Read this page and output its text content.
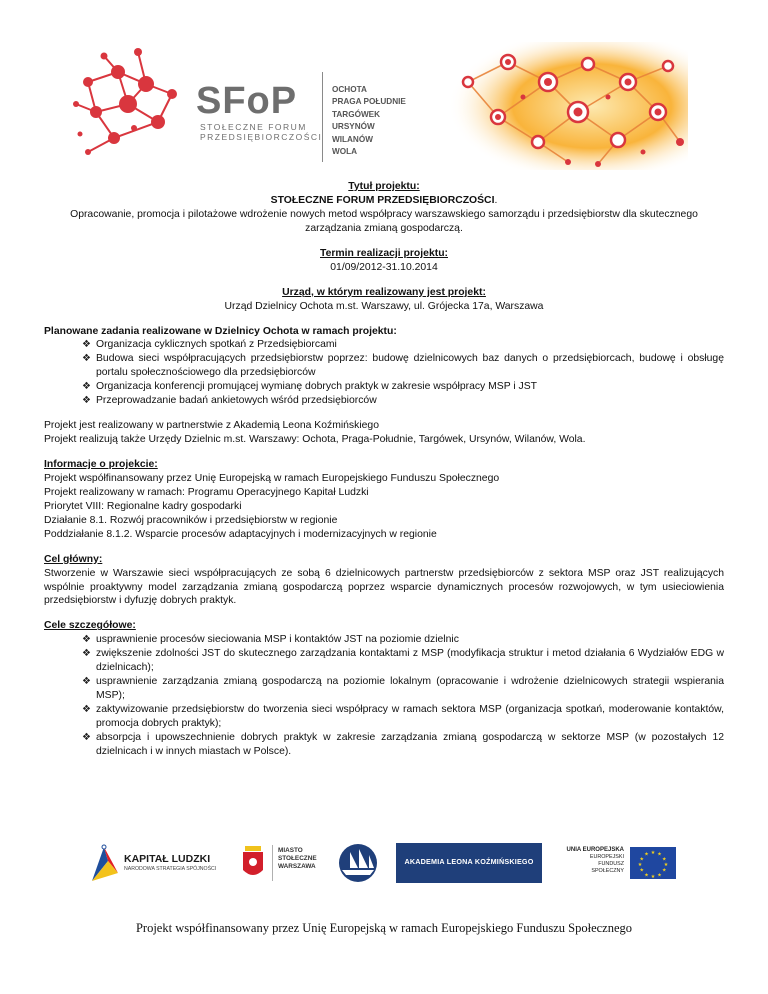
SFoP
STOŁECZNE FORUM
PRZEDSIĘBIORCZOŚCI
OCHOTA
PRAGA POŁUDNIE
TARGÓWEK
URSYNÓW
WILANÓW
WOLA

Tytuł projektu:

STOŁECZNE FORUM PRZEDSIĘBIORCZOŚCI.

Opracowanie, promocja i pilotażowe wdrożenie nowych metod współpracy warszawskiego samorządu i przedsiębiorstw dla skutecznego zarządzania zmianą gospodarczą.

Termin realizacji projektu:

01/09/2012-31.10.2014

Urząd, w którym realizowany jest projekt:

Urząd Dzielnicy Ochota m.st. Warszawy, ul. Grójecka 17a, Warszawa

Planowane zadania realizowane w Dzielnicy Ochota w ramach projektu:

❖ Organizacja cyklicznych spotkań z Przedsiębiorcami
❖ Budowa sieci współpracujących przedsiębiorstw poprzez: budowę dzielnicowych baz danych o przedsiębiorcach, budowę i obsługę portalu społecznościowego dla przedsiębiorców
❖ Organizacja konferencji promującej wymianę dobrych praktyk w zakresie współpracy MSP i JST
❖ Przeprowadzanie badań ankietowych wśród przedsiębiorców

Projekt jest realizowany w partnerstwie z Akademią Leona Koźmińskiego

Projekt realizują także Urzędy Dzielnic m.st. Warszawy: Ochota, Praga-Południe, Targówek, Ursynów, Wilanów, Wola.

Informacje o projekcie:

Projekt współfinansowany przez Unię Europejską w ramach Europejskiego Funduszu Społecznego

Projekt realizowany w ramach: Programu Operacyjnego Kapitał Ludzki

Priorytet VIII: Regionalne kadry gospodarki

Działanie 8.1. Rozwój pracowników i przedsiębiorstw w regionie

Poddziałanie 8.1.2. Wsparcie procesów adaptacyjnych i modernizacyjnych w regionie

Cel główny:

Stworzenie w Warszawie sieci współpracujących ze sobą 6 dzielnicowych partnerstw przedsiębiorców z sektora MSP oraz JST realizujących wspólnie proaktywny model zarządzania zmianą gospodarczą poprzez wsparcie dynamicznych procesów rozwojowych, w tym usieciowienia przedsiębiorstw i dyfuzję dobrych praktyk.

Cele szczegółowe:

❖ usprawnienie procesów sieciowania MSP i kontaktów JST na poziomie dzielnic
❖ zwiększenie zdolności JST do skutecznego zarządzania kontaktami z MSP (modyfikacja struktur i metod działania 6 Wydziałów EDG w dzielnicach);
❖ usprawnienie zarządzania zmianą gospodarczą na poziomie lokalnym (opracowanie i wdrożenie dzielnicowych strategii wspierania MSP);
❖ zaktywizowanie przedsiębiorstw do tworzenia sieci współpracy w ramach sektora MSP (organizacja spotkań, moderowanie kontaktów, promocja dobrych praktyk);
❖ absorpcja i upowszechnienie dobrych praktyk w zakresie zarządzania zmianą gospodarczą w sektorze MSP (w pozostałych 12 dzielnicach i w innych miastach w Polsce).
KAPITAŁ LUDZKI
NARODOWA STRATEGIA SPÓJNOŚCI
MIASTO
STOŁECZNE
WARSZAWA
AKADEMIA LEONA KOŹMIŃSKIEGO
UNIA EUROPEJSKA
EUROPEJSKI
FUNDUSZ SPOŁECZNY
★ ★
★
★
★
★
★
★
★
★
★
★
Projekt współfinansowany przez Unię Europejską w ramach Europejskiego Funduszu Społecznego
